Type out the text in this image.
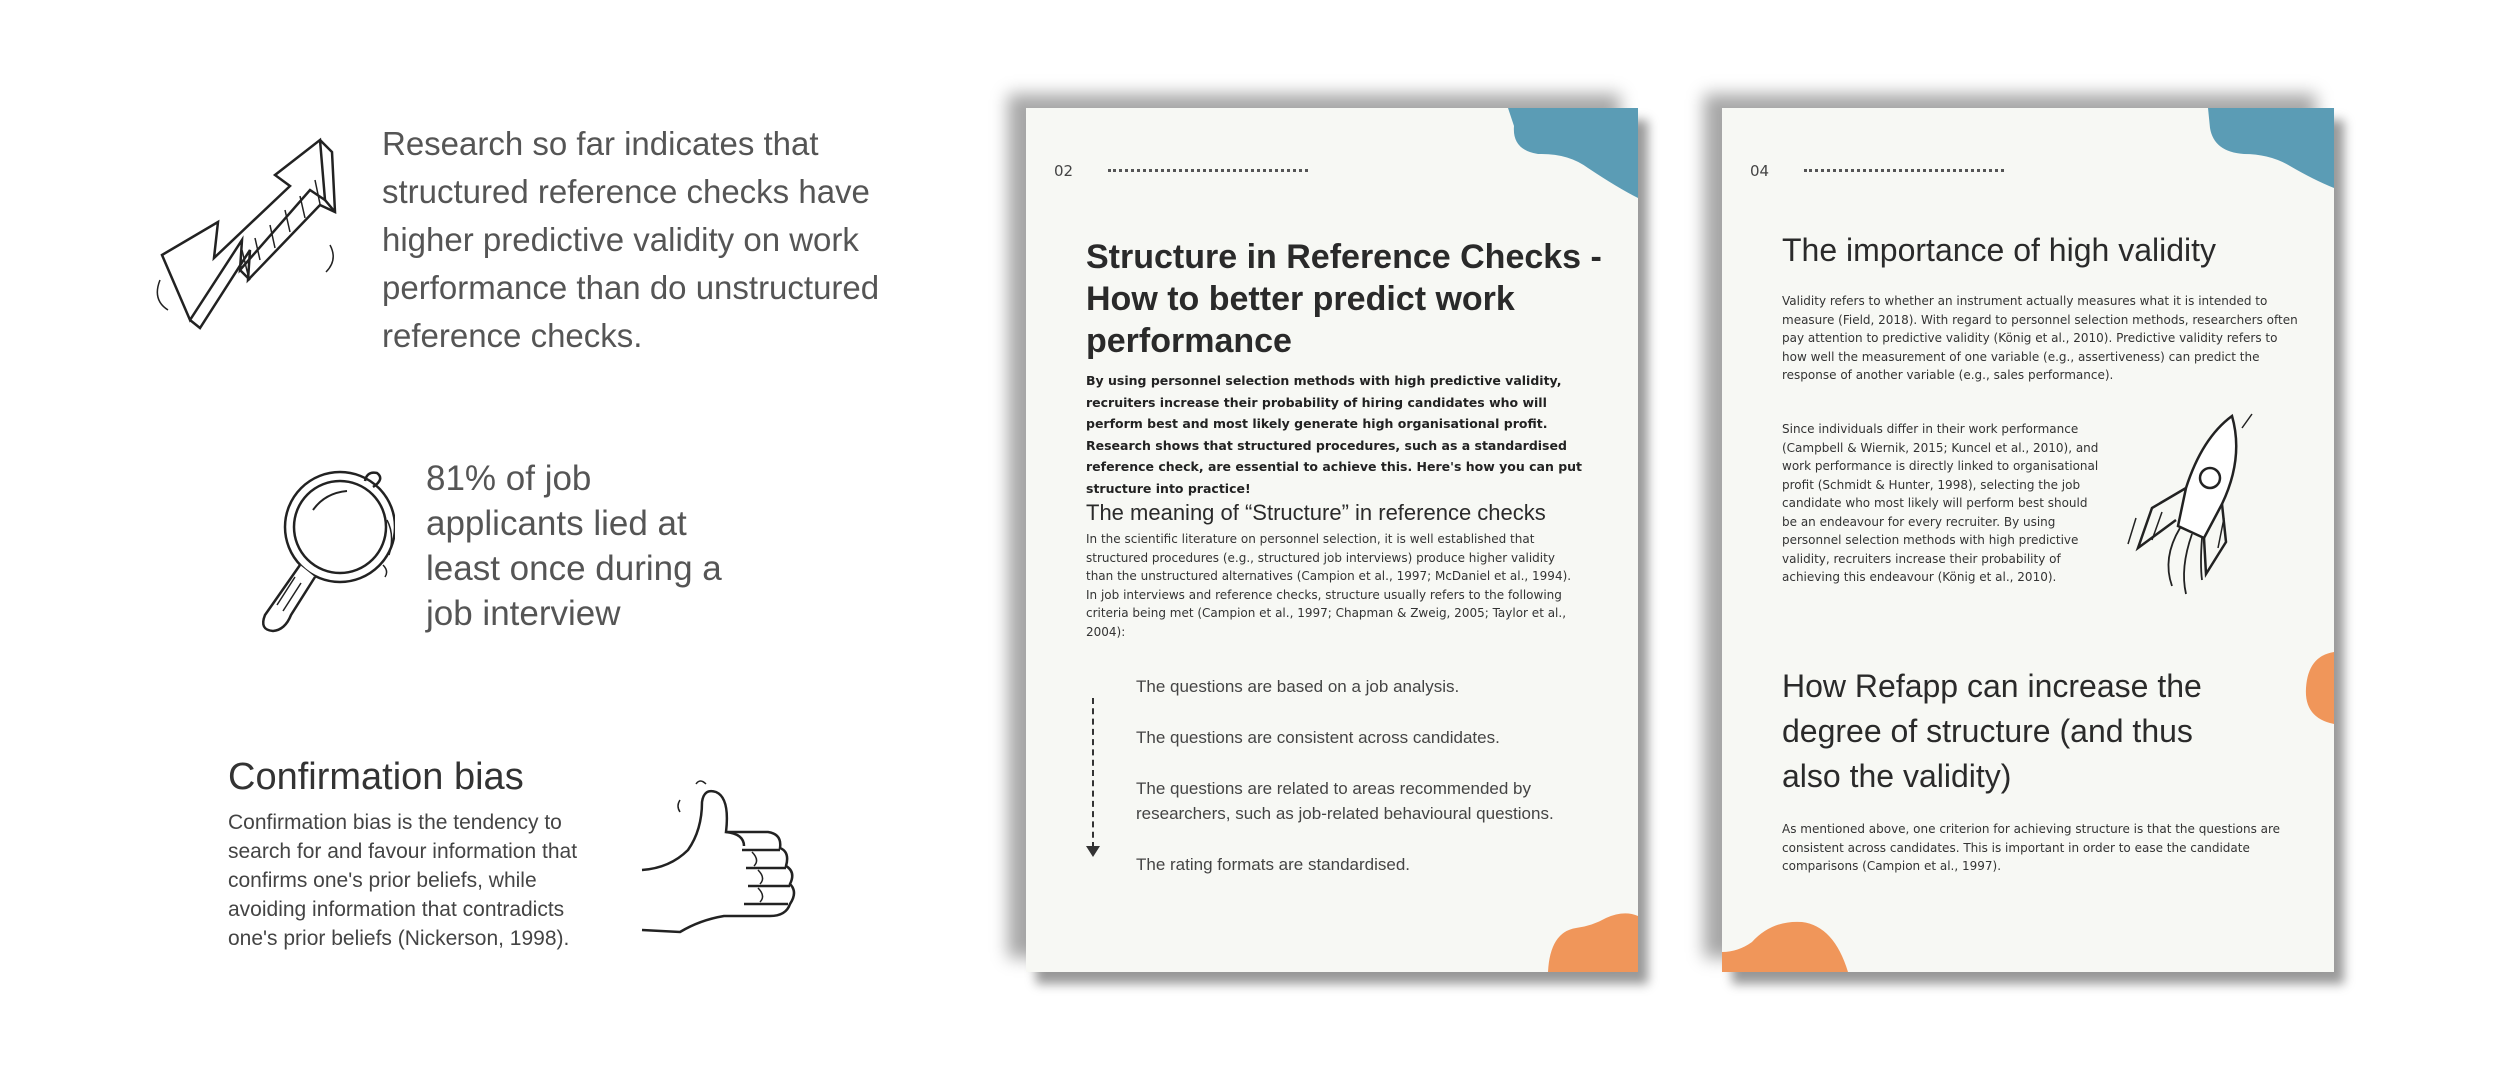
Research so far indicates that structured reference checks have higher predictive validity on work performance than do unstructured reference checks.
81% of job applicants lied at least once during a job interview
Confirmation bias
Confirmation bias is the tendency to search for and favour information that confirms one's prior beliefs, while avoiding information that contradicts one's prior beliefs (Nickerson, 1998).
02
Structure in Reference Checks - How to better predict work performance
By using personnel selection methods with high predictive validity, recruiters increase their probability of hiring candidates who will perform best and most likely generate high organisational profit. Research shows that structured procedures, such as a standardised reference check, are essential to achieve this. Here's how you can put structure into practice!
The meaning of “Structure” in reference checks
In the scientific literature on personnel selection, it is well established that structured procedures (e.g., structured job interviews) produce higher validity than the unstructured alternatives (Campion et al., 1997; McDaniel et al., 1994). In job interviews and reference checks, structure usually refers to the following criteria being met (Campion et al., 1997; Chapman & Zweig, 2005; Taylor et al., 2004):
The questions are based on a job analysis.
The questions are consistent across candidates.
The questions are related to areas recommended by researchers, such as job-related behavioural questions.
The rating formats are standardised.
04
The importance of high validity
Validity refers to whether an instrument actually measures what it is intended to measure (Field, 2018). With regard to personnel selection methods, researchers often pay attention to predictive validity (König et al., 2010). Predictive validity refers to how well the measurement of one variable (e.g., assertiveness) can predict the response of another variable (e.g., sales performance).
Since individuals differ in their work performance (Campbell & Wiernik, 2015; Kuncel et al., 2010), and work performance is directly linked to organisational profit (Schmidt & Hunter, 1998), selecting the job candidate who most likely will perform best should be an endeavour for every recruiter. By using personnel selection methods with high predictive validity, recruiters increase their probability of achieving this endeavour (König et al., 2010).
How Refapp can increase the degree of structure (and thus also the validity)
As mentioned above, one criterion for achieving structure is that the questions are consistent across candidates. This is important in order to ease the candidate comparisons (Campion et al., 1997).
